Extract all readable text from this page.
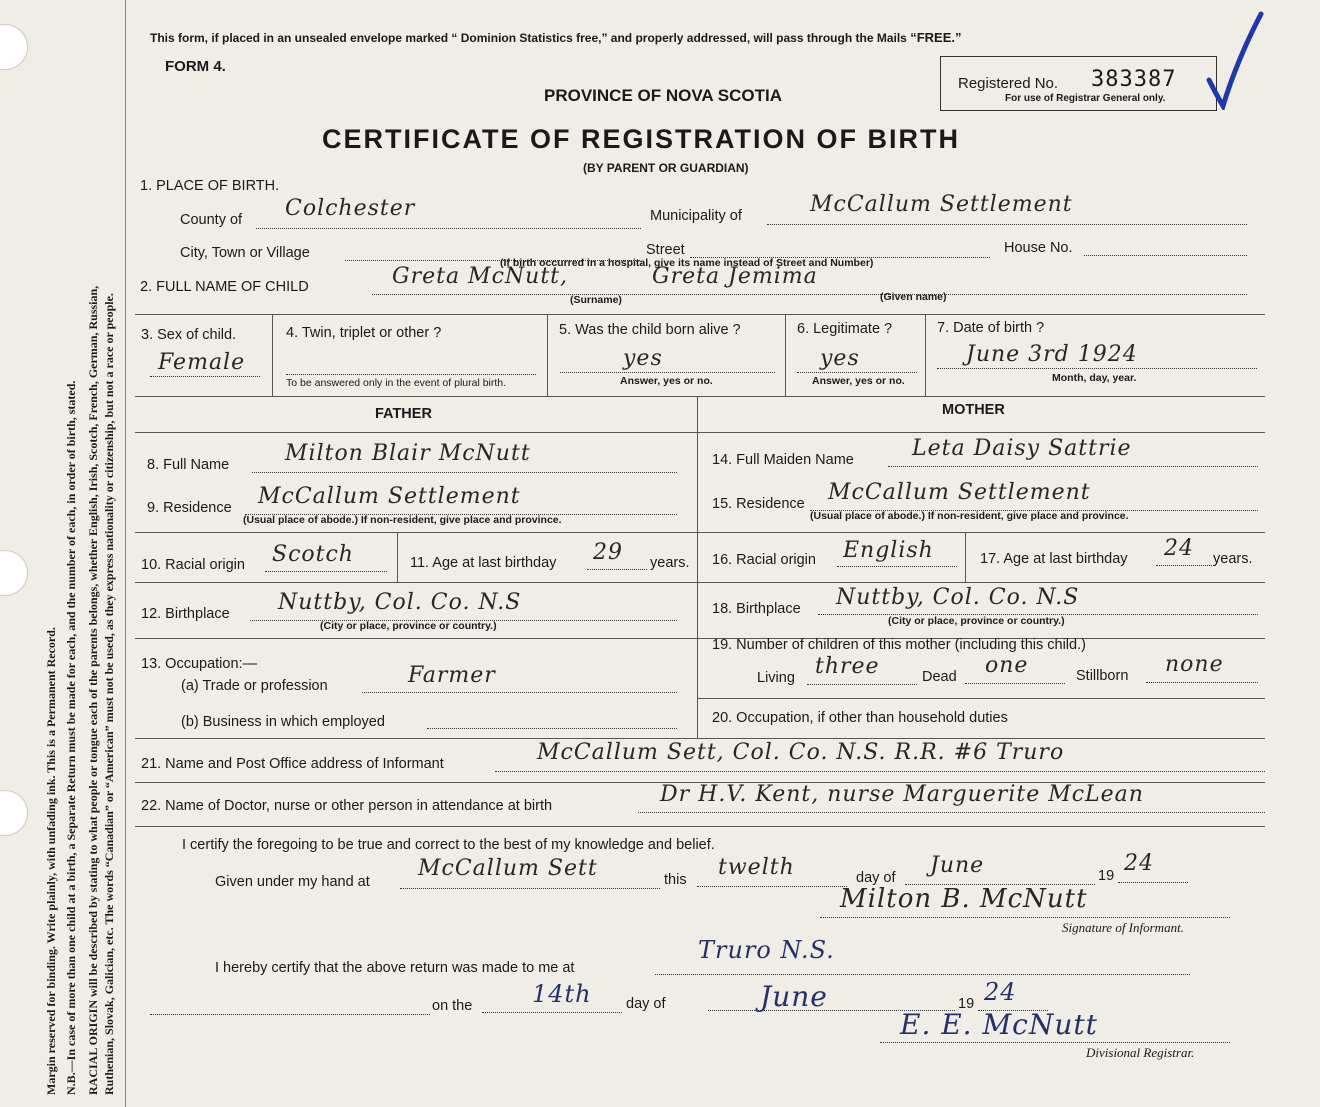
Margin reserved for binding. Write plainly, with unfading ink. This is a Permanent Record. N.B.—In case of more than one child at a birth, a Separate Return must be made for each, and the number of each, in order of birth, stated. RACIAL ORIGIN will be described by stating to what people or tongue each of the parents belongs, whether English, Irish, Scotch, French, German, Russian, Ruthenian, Slovak, Galician, etc. The words “Canadian” or “American” must not be used, as they express nationality or citizenship, but not a race or people.
This form, if placed in an unsealed envelope marked “ Dominion Statistics free,” and properly addressed, will pass through the Mails “FREE.”
FORM 4.
PROVINCE OF NOVA SCOTIA
CERTIFICATE OF REGISTRATION OF BIRTH
(BY PARENT OR GUARDIAN)
Registered No. 383387
For use of Registrar General only.
1. PLACE OF BIRTH.
County of Colchester	Municipality of	McCallum Settlement
City, Town or Village	Street	House No.
(If birth occurred in a hospital, give its name instead of Street and Number)
2. FULL NAME OF CHILD	Greta McNutt,	Greta Jemima
(Surname)	(Given name)
3. Sex of child.
Female
4. Twin, triplet or other ?
To be answered only in the event of plural birth.
5. Was the child born alive ?
yes
Answer, yes or no.
6. Legitimate ?
yes
Answer, yes or no.
7. Date of birth ?
June 3rd 1924
Month, day, year.
FATHER	MOTHER
8. Full Name	Milton Blair McNutt
9. Residence McCallum Settlement
(Usual place of abode.) If non-resident, give place and province.
10. Racial origin Scotch	11. Age at last birthday 29 years.
12. Birthplace Nuttby, Col. Co. N.S
(City or place, province or country.)
13. Occupation:—
(a) Trade or profession	Farmer
(b) Business in which employed
14. Full Maiden Name	Leta Daisy Sattrie
15. Residence McCallum Settlement
(Usual place of abode.) If non-resident, give place and province.
16. Racial origin English	17. Age at last birthday 24 years.
18. Birthplace Nuttby, Col. Co. N.S
(City or place, province or country.)
19. Number of children of this mother (including this child.)
Living three	Dead one	Stillborn none
20. Occupation, if other than household duties
21. Name and Post Office address of Informant	McCallum Sett, Col. Co. N.S. R.R. #6 Truro
22. Name of Doctor, nurse or other person in attendance at birth	Dr H.V. Kent, nurse Marguerite McLean
I certify the foregoing to be true and correct to the best of my knowledge and belief.
Given under my hand at
McCallum Sett	this twelth	day of June	19 24
Milton B. McNutt
Signature of Informant.
I hereby certify that the above return was made to me at
Truro N.S.
on the 14th day of	June	19 24
E. E. McNutt
Divisional Registrar.
